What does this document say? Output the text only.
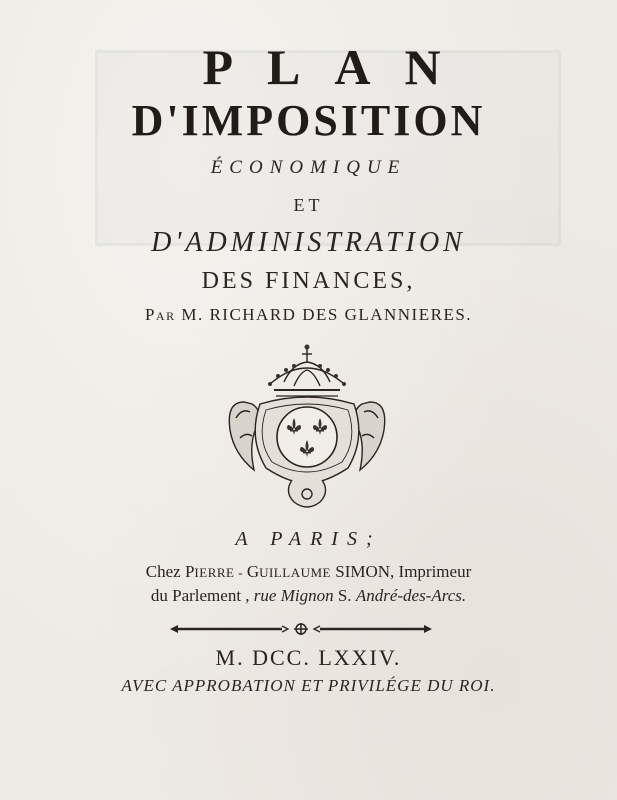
PLAN
D'IMPOSITION
ÉCONOMIQUE
ET
D'ADMINISTRATION
DES FINANCES,
PAR M. RICHARD DES GLANNIERES.
A PARIS;
Chez PIERRE - GUILLAUME SIMON, Imprimeur
du Parlement , rue Mignon S. André-des-Arcs.
M. DCC. LXXIV.
AVEC APPROBATION ET PRIVILÉGE DU ROI.
